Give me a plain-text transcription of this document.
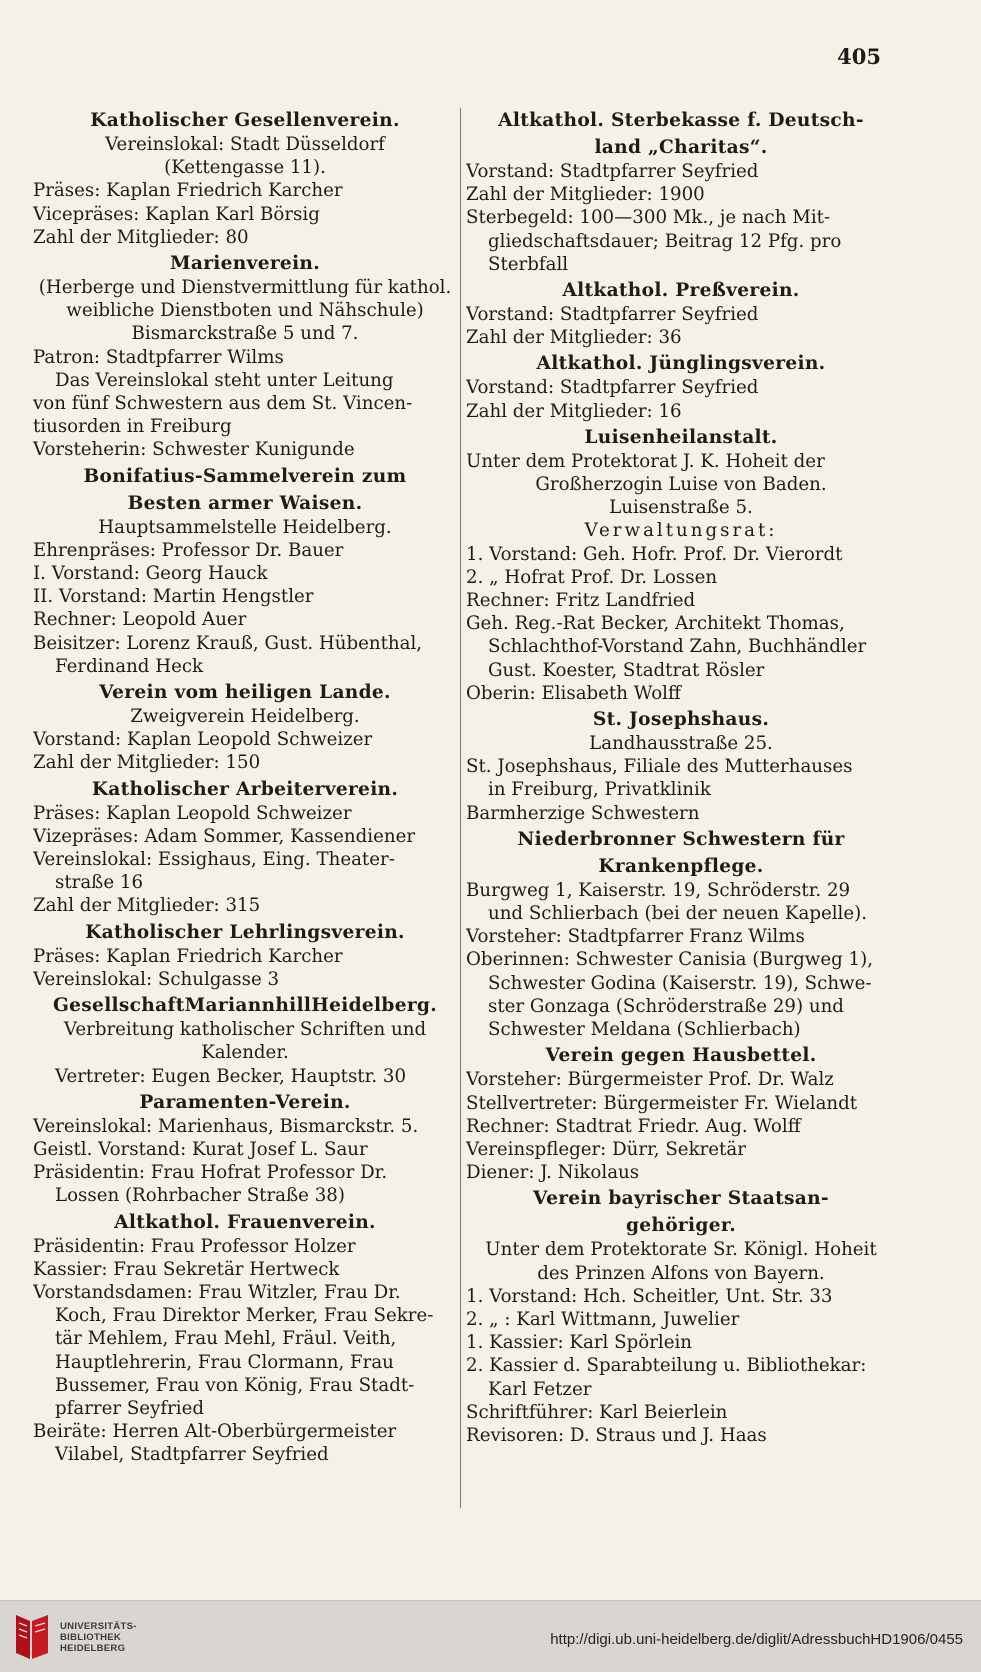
405
Katholischer Gesellenverein.
Vereinslokal: Stadt Düsseldorf
(Kettengasse 11).
Präses: Kaplan Friedrich Karcher
Vicepräses: Kaplan Karl Börsig
Zahl der Mitglieder: 80
Marienverein.
(Herberge und Dienstvermittlung für kathol.
weibliche Dienstboten und Nähschule)
Bismarckstraße 5 und 7.
Patron: Stadtpfarrer Wilms
Das Vereinslokal steht unter Leitung
von fünf Schwestern aus dem St. Vincen-
tiusorden in Freiburg
Vorsteherin: Schwester Kunigunde
Bonifatius-Sammelverein zum
Besten armer Waisen.
Hauptsammelstelle Heidelberg.
Ehrenpräses: Professor Dr. Bauer
I. Vorstand: Georg Hauck
II. Vorstand: Martin Hengstler
Rechner: Leopold Auer
Beisitzer: Lorenz Krauß, Gust. Hübenthal,
Ferdinand Heck
Verein vom heiligen Lande.
Zweigverein Heidelberg.
Vorstand: Kaplan Leopold Schweizer
Zahl der Mitglieder: 150
Katholischer Arbeiterverein.
Präses: Kaplan Leopold Schweizer
Vizepräses: Adam Sommer, Kassendiener
Vereinslokal: Essighaus, Eing. Theater-
straße 16
Zahl der Mitglieder: 315
Katholischer Lehrlingsverein.
Präses: Kaplan Friedrich Karcher
Vereinslokal: Schulgasse 3
GesellschaftMariannhillHeidelberg.
Verbreitung katholischer Schriften und
Kalender.
Vertreter: Eugen Becker, Hauptstr. 30
Paramenten-Verein.
Vereinslokal: Marienhaus, Bismarckstr. 5.
Geistl. Vorstand: Kurat Josef L. Saur
Präsidentin: Frau Hofrat Professor Dr.
Lossen (Rohrbacher Straße 38)
Altkathol. Frauenverein.
Präsidentin: Frau Professor Holzer
Kassier: Frau Sekretär Hertweck
Vorstandsdamen: Frau Witzler, Frau Dr.
Koch, Frau Direktor Merker, Frau Sekre-
tär Mehlem, Frau Mehl, Fräul. Veith,
Hauptlehrerin, Frau Clormann, Frau
Bussemer, Frau von König, Frau Stadt-
pfarrer Seyfried
Beiräte: Herren Alt-Oberbürgermeister
Vilabel, Stadtpfarrer Seyfried
Altkathol. Sterbekasse f. Deutsch-
land „Charitas“.
Vorstand: Stadtpfarrer Seyfried
Zahl der Mitglieder: 1900
Sterbegeld: 100—300 Mk., je nach Mit-
gliedschaftsdauer; Beitrag 12 Pfg. pro
Sterbfall
Altkathol. Preßverein.
Vorstand: Stadtpfarrer Seyfried
Zahl der Mitglieder: 36
Altkathol. Jünglingsverein.
Vorstand: Stadtpfarrer Seyfried
Zahl der Mitglieder: 16
Luisenheilanstalt.
Unter dem Protektorat J. K. Hoheit der
Großherzogin Luise von Baden.
Luisenstraße 5.
Verwaltungsrat:
1. Vorstand: Geh. Hofr. Prof. Dr. Vierordt
2. „ Hofrat Prof. Dr. Lossen
Rechner: Fritz Landfried
Geh. Reg.-Rat Becker, Architekt Thomas,
Schlachthof-Vorstand Zahn, Buchhändler
Gust. Koester, Stadtrat Rösler
Oberin: Elisabeth Wolff
St. Josephshaus.
Landhausstraße 25.
St. Josephshaus, Filiale des Mutterhauses
in Freiburg, Privatklinik
Barmherzige Schwestern
Niederbronner Schwestern für
Krankenpflege.
Burgweg 1, Kaiserstr. 19, Schröderstr. 29
und Schlierbach (bei der neuen Kapelle).
Vorsteher: Stadtpfarrer Franz Wilms
Oberinnen: Schwester Canisia (Burgweg 1),
Schwester Godina (Kaiserstr. 19), Schwe-
ster Gonzaga (Schröderstraße 29) und
Schwester Meldana (Schlierbach)
Verein gegen Hausbettel.
Vorsteher: Bürgermeister Prof. Dr. Walz
Stellvertreter: Bürgermeister Fr. Wielandt
Rechner: Stadtrat Friedr. Aug. Wolff
Vereinspfleger: Dürr, Sekretär
Diener: J. Nikolaus
Verein bayrischer Staatsan-
gehöriger.
Unter dem Protektorate Sr. Königl. Hoheit
des Prinzen Alfons von Bayern.
1. Vorstand: Hch. Scheitler, Unt. Str. 33
2. „ : Karl Wittmann, Juwelier
1. Kassier: Karl Spörlein
2. Kassier d. Sparabteilung u. Bibliothekar:
Karl Fetzer
Schriftführer: Karl Beierlein
Revisoren: D. Straus und J. Haas
UNIVERSITÄTS-
BIBLIOTHEK
HEIDELBERG
http://digi.ub.uni-heidelberg.de/diglit/AdressbuchHD1906/0455
